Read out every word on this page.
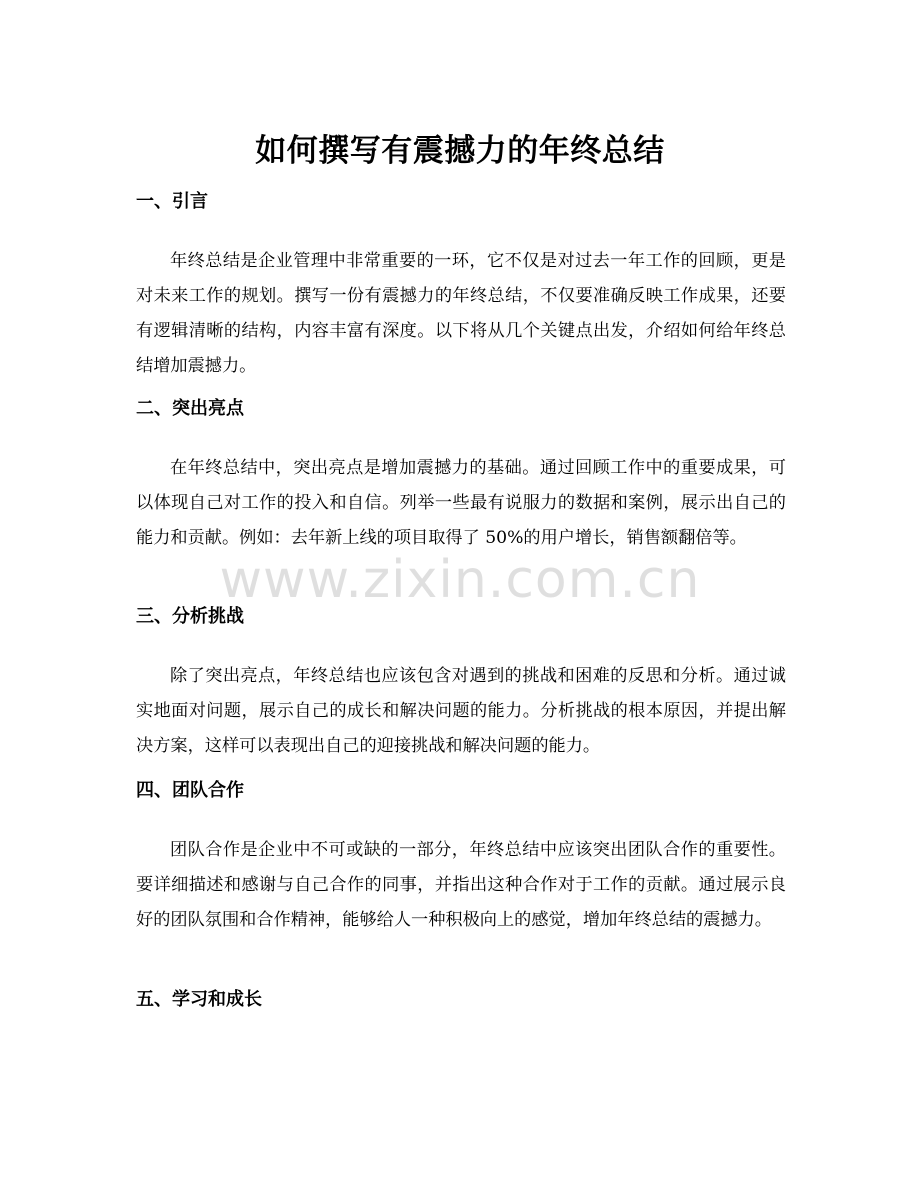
如何撰写有震撼力的年终总结
一、引言

年终总结是企业管理中非常重要的一环，它不仅是对过去一年工作的回顾，更是对未来工作的规划。撰写一份有震撼力的年终总结，不仅要准确反映工作成果，还要有逻辑清晰的结构，内容丰富有深度。以下将从几个关键点出发，介绍如何给年终总结增加震撼力。

二、突出亮点

在年终总结中，突出亮点是增加震撼力的基础。通过回顾工作中的重要成果，可以体现自己对工作的投入和自信。列举一些最有说服力的数据和案例，展示出自己的能力和贡献。例如：去年新上线的项目取得了 50%的用户增长，销售额翻倍等。

三、分析挑战

除了突出亮点，年终总结也应该包含对遇到的挑战和困难的反思和分析。通过诚实地面对问题，展示自己的成长和解决问题的能力。分析挑战的根本原因，并提出解决方案，这样可以表现出自己的迎接挑战和解决问题的能力。

四、团队合作

团队合作是企业中不可或缺的一部分，年终总结中应该突出团队合作的重要性。要详细描述和感谢与自己合作的同事，并指出这种合作对于工作的贡献。通过展示良好的团队氛围和合作精神，能够给人一种积极向上的感觉，增加年终总结的震撼力。

五、学习和成长
www.zixin.com.cn
